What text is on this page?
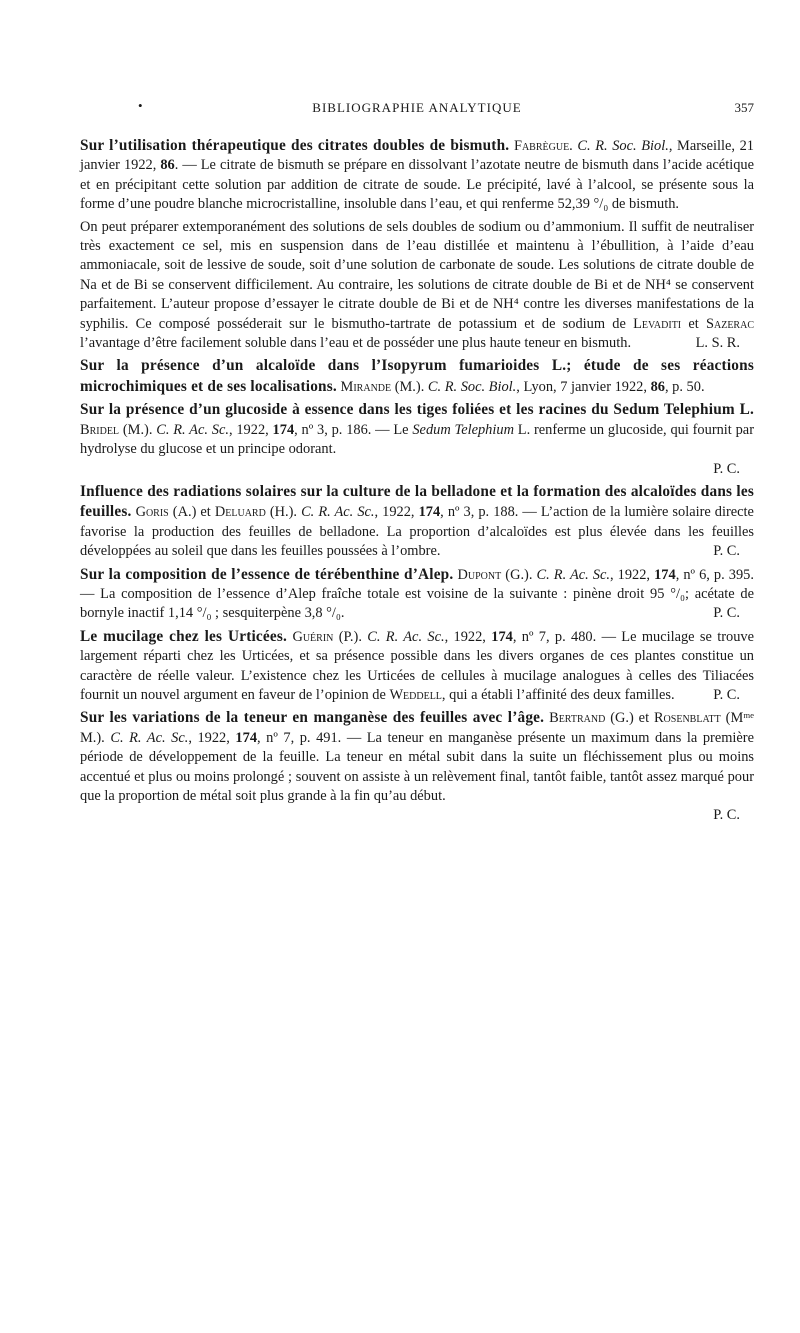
•	BIBLIOGRAPHIE ANALYTIQUE	357

Sur l’utilisation thérapeutique des citrates doubles de bismuth. Fabrègue. C. R. Soc. Biol., Marseille, 21 janvier 1922, 86. — Le citrate de bismuth se prépare en dissolvant l’azotate neutre de bismuth dans l’acide acétique et en précipitant cette solution par addition de citrate de soude. Le précipité, lavé à l’alcool, se présente sous la forme d’une poudre blanche microcristalline, insoluble dans l’eau, et qui renferme 52,39 °/₀ de bismuth.

On peut préparer extemporanément des solutions de sels doubles de sodium ou d’ammonium. Il suffit de neutraliser très exactement ce sel, mis en suspension dans de l’eau distillée et maintenu à l’ébullition, à l’aide d’eau ammoniacale, soit de lessive de soude, soit d’une solution de carbonate de soude. Les solutions de citrate double de Na et de Bi se conservent difficilement. Au contraire, les solutions de citrate double de Bi et de NH⁴ se conservent parfaitement. L’auteur propose d’essayer le citrate double de Bi et de NH⁴ contre les diverses manifestations de la syphilis. Ce composé posséderait sur le bismutho-tartrate de potassium et de sodium de Levaditi et Sazerac l’avantage d’être facilement soluble dans l’eau et de posséder une plus haute teneur en bismuth.	L. S. R.

Sur la présence d’un alcaloïde dans l’Isopyrum fumarioides L.; étude de ses réactions microchimiques et de ses localisations. Mirande (M.). C. R. Soc. Biol., Lyon, 7 janvier 1922, 86, p. 50.

Sur la présence d’un glucoside à essence dans les tiges foliées et les racines du Sedum Telephium L. Bridel (M.). C. R. Ac. Sc., 1922, 174, nº 3, p. 186. — Le Sedum Telephium L. renferme un glucoside, qui fournit par hydrolyse du glucose et un principe odorant.
P. C.

Influence des radiations solaires sur la culture de la belladone et la formation des alcaloïdes dans les feuilles. Goris (A.) et Deluard (H.). C. R. Ac. Sc., 1922, 174, nº 3, p. 188. — L’action de la lumière solaire directe favorise la production des feuilles de belladone. La proportion d’alcaloïdes est plus élevée dans les feuilles développées au soleil que dans les feuilles poussées à l’ombre.	P. C.

Sur la composition de l’essence de térébenthine d’Alep. Dupont (G.). C. R. Ac. Sc., 1922, 174, nº 6, p. 395. — La composition de l’essence d’Alep fraîche totale est voisine de la suivante : pinène droit 95 °/₀; acétate de bornyle inactif 1,14 °/₀ ; sesquiterpène 3,8 °/₀.	P. C.

Le mucilage chez les Urticées. Guérin (P.). C. R. Ac. Sc., 1922, 174, nº 7, p. 480. — Le mucilage se trouve largement réparti chez les Urticées, et sa présence possible dans les divers organes de ces plantes constitue un caractère de réelle valeur. L’existence chez les Urticées de cellules à mucilage analogues à celles des Tiliacées fournit un nouvel argument en faveur de l’opinion de Weddell, qui a établi l’affinité des deux familles.	P. C.

Sur les variations de la teneur en manganèse des feuilles avec l’âge. Bertrand (G.) et Rosenblatt (Mᵐᵉ M.). C. R. Ac. Sc., 1922, 174, nº 7, p. 491. — La teneur en manganèse présente un maximum dans la première période de développement de la feuille. La teneur en métal subit dans la suite un fléchissement plus ou moins accentué et plus ou moins prolongé ; souvent on assiste à un relèvement final, tantôt faible, tantôt assez marqué pour que la proportion de métal soit plus grande à la fin qu’au début.
P. C.
